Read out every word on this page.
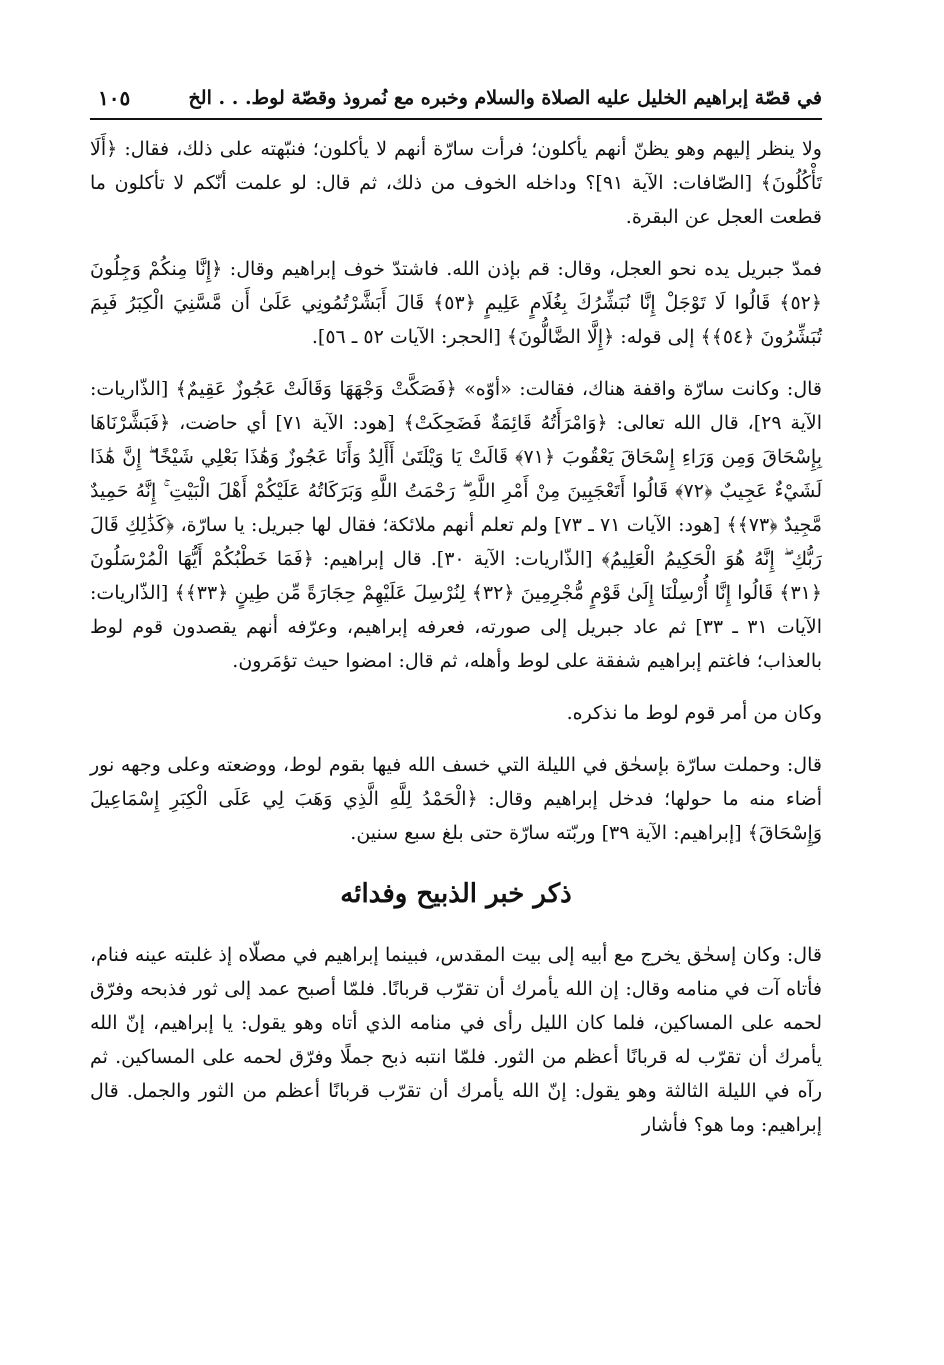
في قصّة إبراهيم الخليل عليه الصلاة والسلام وخبره مع نُمروذ وقصّة لوط. . . الخ
١٠٥

ولا ينظر إليهم وهو يظنّ أنهم يأكلون؛ فرأت سارّة أنهم لا يأكلون؛ فنبّهته على ذلك، فقال: ﴿أَلَا تَأْكُلُونَ﴾ [الصّافات: الآية ٩١]؟ وداخله الخوف من ذلك، ثم قال: لو علمت أنّكم لا تأكلون ما قطعت العجل عن البقرة.

فمدّ جبريل يده نحو العجل، وقال: قم بإذن الله. فاشتدّ خوف إبراهيم وقال: ﴿إِنَّا مِنكُمْ وَجِلُونَ ﴿٥٢﴾ قَالُوا لَا تَوْجَلْ إِنَّا نُبَشِّرُكَ بِغُلَامٍ عَلِيمٍ ﴿٥٣﴾ قَالَ أَبَشَّرْتُمُونِي عَلَىٰ أَن مَّسَّنِيَ الْكِبَرُ فَبِمَ تُبَشِّرُونَ ﴿٥٤﴾﴾ إلى قوله: ﴿إِلَّا الضَّالُّونَ﴾ [الحجر: الآيات ٥٢ ـ ٥٦].

قال: وكانت سارّة واقفة هناك، فقالت: «أوّه» ﴿فَصَكَّتْ وَجْهَهَا وَقَالَتْ عَجُوزٌ عَقِيمٌ﴾ [الذّاريات: الآية ٢٩]، قال الله تعالى: ﴿وَامْرَأَتُهُ قَائِمَةٌ فَضَحِكَتْ﴾ [هود: الآية ٧١] أي حاضت، ﴿فَبَشَّرْنَاهَا بِإِسْحَاقَ وَمِن وَرَاءِ إِسْحَاقَ يَعْقُوبَ ﴿٧١﴾ قَالَتْ يَا وَيْلَتَىٰ أَأَلِدُ وَأَنَا عَجُوزٌ وَهَٰذَا بَعْلِي شَيْخًا ۖ إِنَّ هَٰذَا لَشَيْءٌ عَجِيبٌ ﴿٧٢﴾ قَالُوا أَتَعْجَبِينَ مِنْ أَمْرِ اللَّهِ ۖ رَحْمَتُ اللَّهِ وَبَرَكَاتُهُ عَلَيْكُمْ أَهْلَ الْبَيْتِ ۚ إِنَّهُ حَمِيدٌ مَّجِيدٌ ﴿٧٣﴾﴾ [هود: الآيات ٧١ ـ ٧٣] ولم تعلم أنهم ملائكة؛ فقال لها جبريل: يا سارّة، ﴿كَذَٰلِكِ قَالَ رَبُّكِ ۖ إِنَّهُ هُوَ الْحَكِيمُ الْعَلِيمُ﴾ [الذّاريات: الآية ٣٠]. قال إبراهيم: ﴿فَمَا خَطْبُكُمْ أَيُّهَا الْمُرْسَلُونَ ﴿٣١﴾ قَالُوا إِنَّا أُرْسِلْنَا إِلَىٰ قَوْمٍ مُّجْرِمِينَ ﴿٣٢﴾ لِنُرْسِلَ عَلَيْهِمْ حِجَارَةً مِّن طِينٍ ﴿٣٣﴾﴾ [الذّاريات: الآيات ٣١ ـ ٣٣] ثم عاد جبريل إلى صورته، فعرفه إبراهيم، وعرّفه أنهم يقصدون قوم لوط بالعذاب؛ فاغتم إبراهيم شفقة على لوط وأهله، ثم قال: امضوا حيث تؤمَرون.

وكان من أمر قوم لوط ما نذكره.

قال: وحملت سارّة بإسحٰق في الليلة التي خسف الله فيها بقوم لوط، ووضعته وعلى وجهه نور أضاء منه ما حولها؛ فدخل إبراهيم وقال: ﴿الْحَمْدُ لِلَّهِ الَّذِي وَهَبَ لِي عَلَى الْكِبَرِ إِسْمَاعِيلَ وَإِسْحَاقَ﴾ [إبراهيم: الآية ٣٩] وربّته سارّة حتى بلغ سبع سنين.

ذكر خبر الذبيح وفدائه

قال: وكان إسحٰق يخرج مع أبيه إلى بيت المقدس، فبينما إبراهيم في مصلّاه إذ غلبته عينه فنام، فأتاه آت في منامه وقال: إن الله يأمرك أن تقرّب قربانًا. فلمّا أصبح عمد إلى ثور فذبحه وفرّق لحمه على المساكين، فلما كان الليل رأى في منامه الذي أتاه وهو يقول: يا إبراهيم، إنّ الله يأمرك أن تقرّب له قربانًا أعظم من الثور. فلمّا انتبه ذبح جملًا وفرّق لحمه على المساكين. ثم رآه في الليلة الثالثة وهو يقول: إنّ الله يأمرك أن تقرّب قربانًا أعظم من الثور والجمل. قال إبراهيم: وما هو؟ فأشار
